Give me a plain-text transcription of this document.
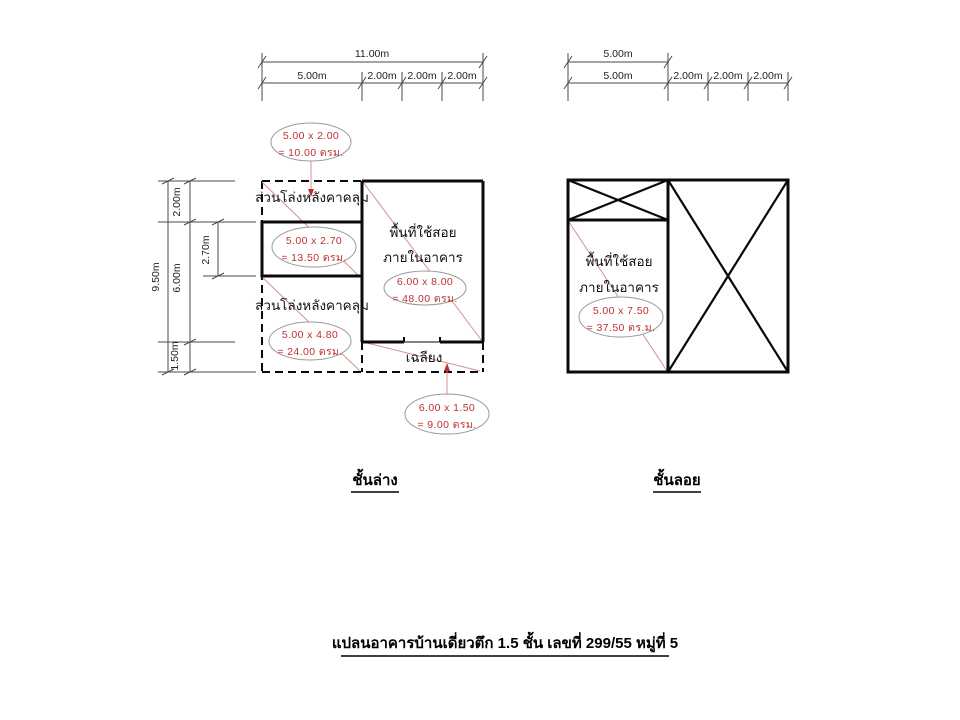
11.00m
5.00m	2.00m 2.00m 2.00m
5.00m
5.00m	2.00m 2.00m 2.00m
9.50m
2.00m
6.00m
1.50m
2.70m
ส่วนโล่งหลังคาคลุม
ส่วนโล่งหลังคาคลุม
พื้นที่ใช้สอย
ภายในอาคาร
เฉลียง
5.00 x 2.00
= 10.00 ตรม.
5.00 x 2.70
= 13.50 ตรม.
5.00 x 4.80
= 24.00 ตรม.
6.00 x 8.00
= 48.00 ตรม.
6.00 x 1.50
= 9.00 ตรม.
พื้นที่ใช้สอย
ภายในอาคาร
5.00 x 7.50
= 37.50 ตร.ม.
ชั้นล่าง	ชั้นลอย
แปลนอาคารบ้านเดี่ยวตึก 1.5 ชั้น เลขที่ 299/55 หมู่ที่ 5
